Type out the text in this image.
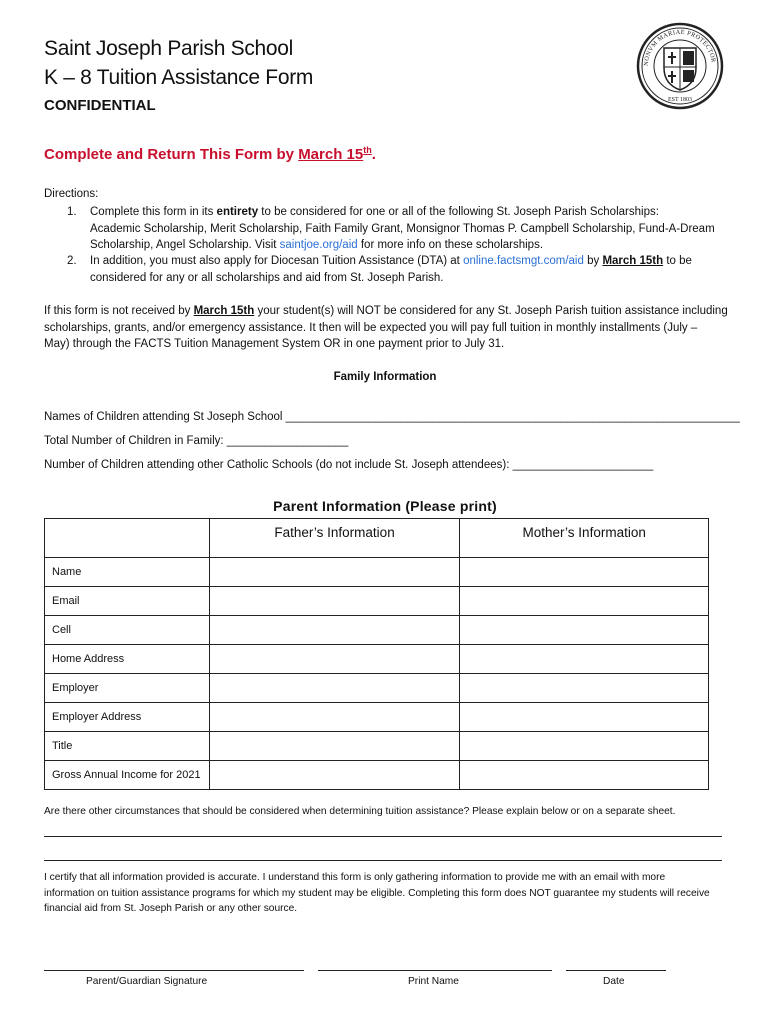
Saint Joseph Parish School
K – 8 Tuition Assistance Form
CONFIDENTIAL
NONVM MARIAE PROTECTOR
EST 1803
Complete and Return This Form by March 15th.
Directions:
1. Complete this form in its entirety to be considered for one or all of the following St. Joseph Parish Scholarships:
Academic Scholarship, Merit Scholarship, Faith Family Grant, Monsignor Thomas P. Campbell Scholarship, Fund-A-Dream
Scholarship, Angel Scholarship. Visit saintjoe.org/aid for more info on these scholarships.
2. In addition, you must also apply for Diocesan Tuition Assistance (DTA) at online.factsmgt.com/aid by March 15th to be
considered for any or all scholarships and aid from St. Joseph Parish.
If this form is not received by March 15th your student(s) will NOT be considered for any St. Joseph Parish tuition assistance including
scholarships, grants, and/or emergency assistance. It then will be expected you will pay full tuition in monthly installments (July –
May) through the FACTS Tuition Management System OR in one payment prior to July 31.
Family Information
Names of Children attending St Joseph School _______________________________________________________________________
Total Number of Children in Family: ___________________
Number of Children attending other Catholic Schools (do not include St. Joseph attendees): ______________________
Parent Information (Please print)
	Father’s Information	Mother’s Information
Name		
Email		
Cell		
Home Address		
Employer		
Employer Address		
Title		
Gross Annual Income for 2021		
Are there other circumstances that should be considered when determining tuition assistance? Please explain below or on a separate sheet.
I certify that all information provided is accurate. I understand this form is only gathering information to provide me with an email with more
information on tuition assistance programs for which my student may be eligible. Completing this form does NOT guarantee my students will receive
financial aid from St. Joseph Parish or any other source.
Parent/Guardian Signature	Print Name	Date
